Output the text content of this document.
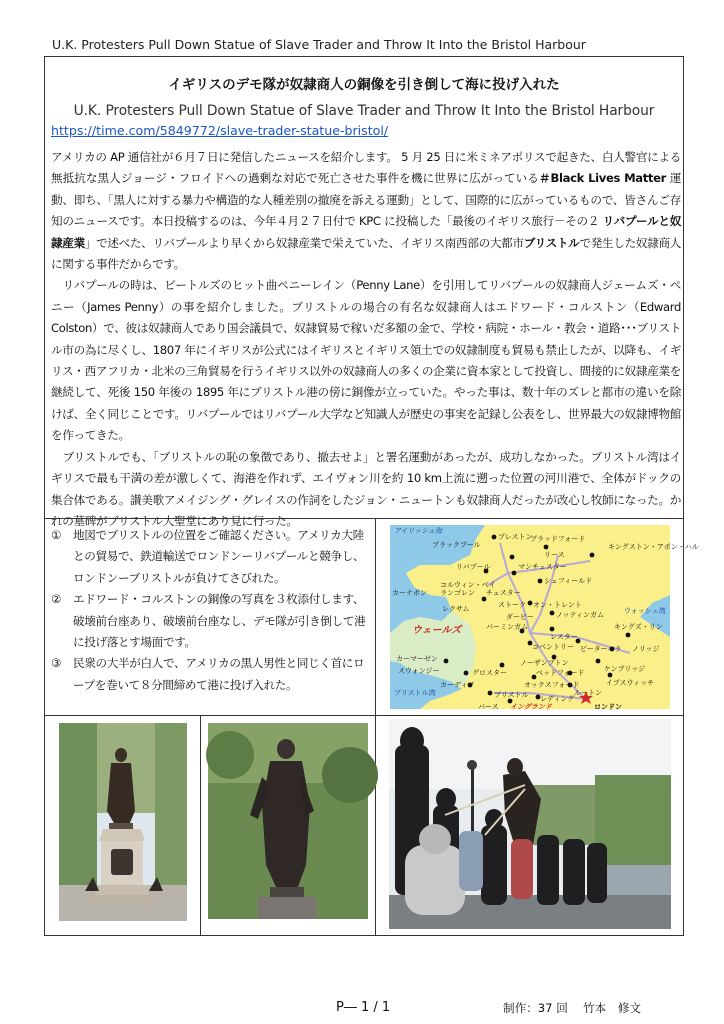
U.K. Protesters Pull Down Statue of Slave Trader and Throw It Into the Bristol Harbour
イギリスのデモ隊が奴隷商人の銅像を引き倒して海に投げ入れた
U.K. Protesters Pull Down Statue of Slave Trader and Throw It Into the Bristol Harbour
https://time.com/5849772/slave-trader-statue-bristol/

アメリカの AP 通信社が６月７日に発信したニュースを紹介します。 5 月 25 日に米ミネアポリスで起きた、白人警官による無抵抗な黒人ジョージ・フロイドへの過剰な対応で死亡させた事件を機に世界に広がっている＃Black Lives Matter 運動、即ち、「黒人に対する暴力や構造的な人種差別の撤廃を訴える運動」として、国際的に広がっているもので、皆さんご存知のニュースです。本日投稿するのは、今年４月２７日付で KPC に投稿した「最後のイギリス旅行－その２ リバプールと奴隷産業」で述べた、リバプールより早くから奴隷産業で栄えていた、イギリス南西部の大都市ブリストルで発生した奴隷商人に関する事件だからです。

リバプールの時は、ビートルズのヒット曲ペニーレイン（Penny Lane）を引用してリバプールの奴隷商人ジェームズ・ペニー（James Penny）の事を紹介しました。ブリストルの場合の有名な奴隷商人はエドワード・コルストン（Edward Colston）で、彼は奴隷商人であり国会議員で、奴隷貿易で稼いだ多額の金で、学校・病院・ホール・教会・道路･･･ブリストル市の為に尽くし、1807 年にイギリスが公式にはイギリスとイギリス領土での奴隷制度も貿易も禁止したが、以降も、イギリス・西アフリカ・北米の三角貿易を行うイギリス以外の奴隷商人の多くの企業に資本家として投資し、間接的に奴隷産業を継続して、死後 150 年後の 1895 年にブリストル港の傍に銅像が立っていた。やった事は、数十年のズレと都市の違いを除けば、全く同じことです。リバプールではリバプール大学など知識人が歴史の事実を記録し公表をし、世界最大の奴隷博物館を作ってきた。

ブリストルでも、「ブリストルの恥の象徴であり、撤去せよ」と署名運動があったが、成功しなかった。ブリストル湾はイギリスで最も干満の差が激しくて、海港を作れず、エイヴォン川を約 10 km上流に遡った位置の河川港で、全体がドックの集合体である。讃美歌アメイジング・グレイスの作詞をしたジョン・ニュートンも奴隷商人だったが改心し牧師になった。かれの墓碑がブリストル大聖堂にあり見に行った。

①	地図でブリストルの位置をご確認ください。アメリカ大陸との貿易で、鉄道輸送でロンドンーリバプールと競争し、ロンドンーブリストルが負けてさびれた。
②	エドワード・コルストンの銅像の写真を３枚添付します、破壊前台座あり、破壊前台座なし、デモ隊が引き倒して港に投げ落とす場面です。
③	民衆の大半が白人で、アメリカの黒人男性と同じく首にロープを巻いて８分間締めて港に投げ入れた。
アイリッシュ海
ブラックプール
プレストン
ブラッドフォード
リース
キングストン・アポン・ハル
リバプール	マンチェスター
シェフィールド
チェスター
ストーク・オン・トレント
カーナボン ランゴレン
コルウィン・ベイ
ダービー	ノッティンガム
レクサム	ウォッシュ湾
ウェールズ	バーミンガム
レスター
キングズ・リン
コベントリー ピーターバラ ノリッジ
カーマーゼン	ノーザンプトン
ケンブリッジ
スウォンジー	グロスター	ベッドフォード
イプスウィッチ
オックスフォード
ルートン
カーディフ
ブリストル湾	ブリストル レディング
バース イングランド	ロンドン
P― 1 / 1	制作：37 回　 竹本　修文
